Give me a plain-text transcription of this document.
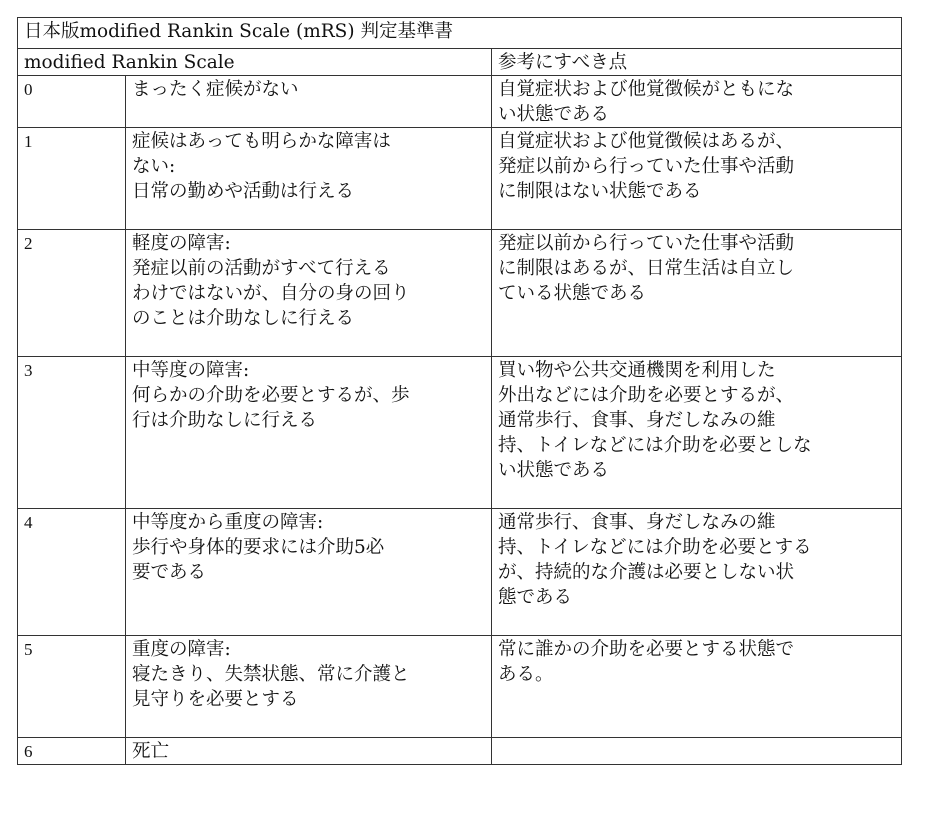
日本版modified Rankin Scale (mRS) 判定基準書		
modified Rankin Scale		参考にすべき点
0	まったく症候がない	自覚症状および他覚徴候がともにな
い状態である

1	症候はあっても明らかな障害は
ない:
日常の勤めや活動は行える	自覚症状および他覚徴候はあるが、
発症以前から行っていた仕事や活動
に制限はない状態である

2	軽度の障害:
発症以前の活動がすべて行える
わけではないが、自分の身の回り
のことは介助なしに行える	発症以前から行っていた仕事や活動
に制限はあるが、日常生活は自立し
ている状態である

3	中等度の障害:
何らかの介助を必要とするが、歩
行は介助なしに行える	買い物や公共交通機関を利用した
外出などには介助を必要とするが、
通常歩行、食事、身だしなみの維
持、トイレなどには介助を必要としな
い状態である

4	中等度から重度の障害:
歩行や身体的要求には介助5必
要である	通常歩行、食事、身だしなみの維
持、トイレなどには介助を必要とする
が、持続的な介護は必要としない状
態である

5	重度の障害:
寝たきり、失禁状態、常に介護と
見守りを必要とする	常に誰かの介助を必要とする状態で
ある。

6	死亡	
